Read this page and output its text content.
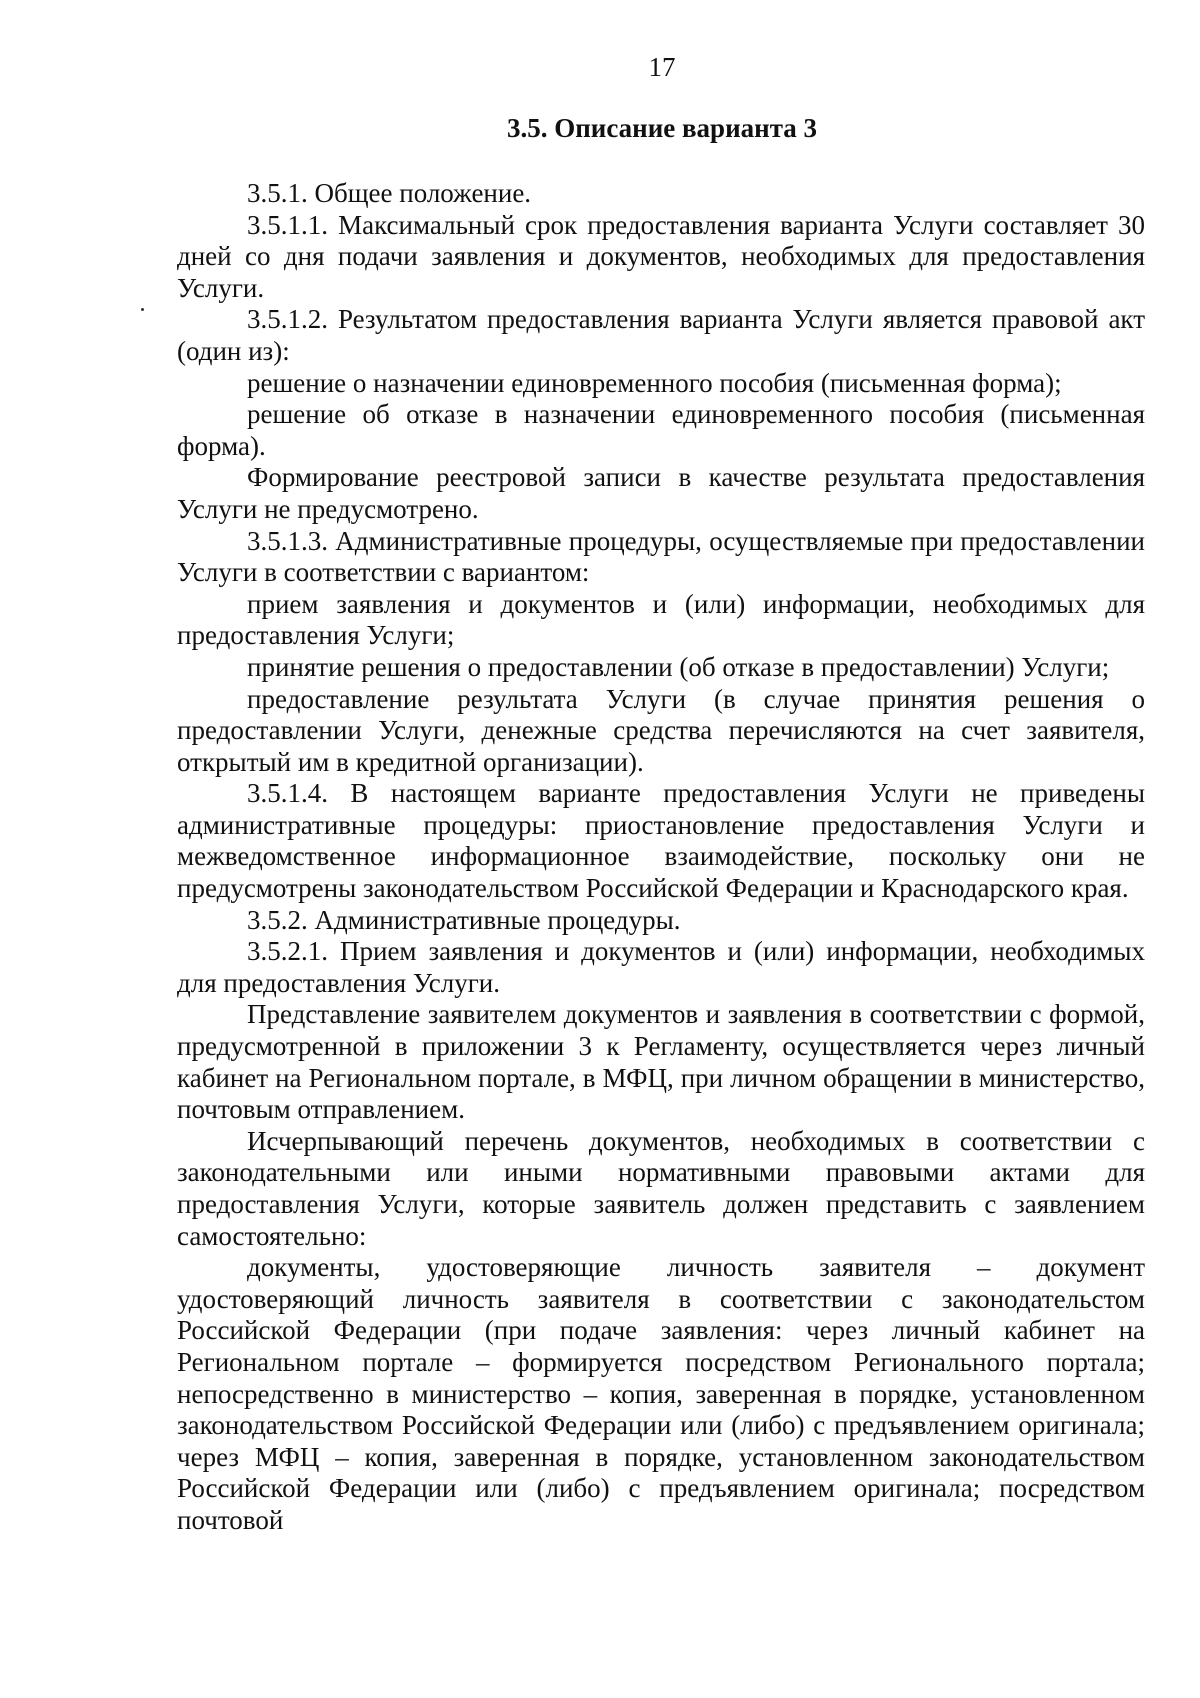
17
3.5. Описание варианта 3

3.5.1. Общее положение.

3.5.1.1. Максимальный срок предоставления варианта Услуги составляет 30 дней со дня подачи заявления и документов, необходимых для предоставления Услуги.

3.5.1.2. Результатом предоставления варианта Услуги является правовой акт (один из):

решение о назначении единовременного пособия (письменная форма);

решение об отказе в назначении единовременного пособия (письменная форма).

Формирование реестровой записи в качестве результата предоставления Услуги не предусмотрено.

3.5.1.3. Административные процедуры, осуществляемые при предоставлении Услуги в соответствии с вариантом:

прием заявления и документов и (или) информации, необходимых для предоставления Услуги;

принятие решения о предоставлении (об отказе в предоставлении) Услуги;

предоставление результата Услуги (в случае принятия решения о предоставлении Услуги, денежные средства перечисляются на счет заявителя, открытый им в кредитной организации).

3.5.1.4. В настоящем варианте предоставления Услуги не приведены административные процедуры: приостановление предоставления Услуги и межведомственное информационное взаимодействие, поскольку они не предусмотрены законодательством Российской Федерации и Краснодарского края.

3.5.2. Административные процедуры.

3.5.2.1. Прием заявления и документов и (или) информации, необходимых для предоставления Услуги.

Представление заявителем документов и заявления в соответствии с формой, предусмотренной в приложении 3 к Регламенту, осуществляется через личный кабинет на Региональном портале, в МФЦ, при личном обращении в министерство, почтовым отправлением.

Исчерпывающий перечень документов, необходимых в соответствии с законодательными или иными нормативными правовыми актами для предоставления Услуги, которые заявитель должен представить с заявлением самостоятельно:

документы, удостоверяющие личность заявителя – документ удостоверяющий личность заявителя в соответствии с законодательстом Российской Федерации (при подаче заявления: через личный кабинет на Региональном портале – формируется посредством Регионального портала; непосредственно в министерство – копия, заверенная в порядке, установленном законодательством Российской Федерации или (либо) с предъявлением оригинала; через МФЦ – копия, заверенная в порядке, установленном законодательством Российской Федерации или (либо) с предъявлением оригинала; посредством почтовой
